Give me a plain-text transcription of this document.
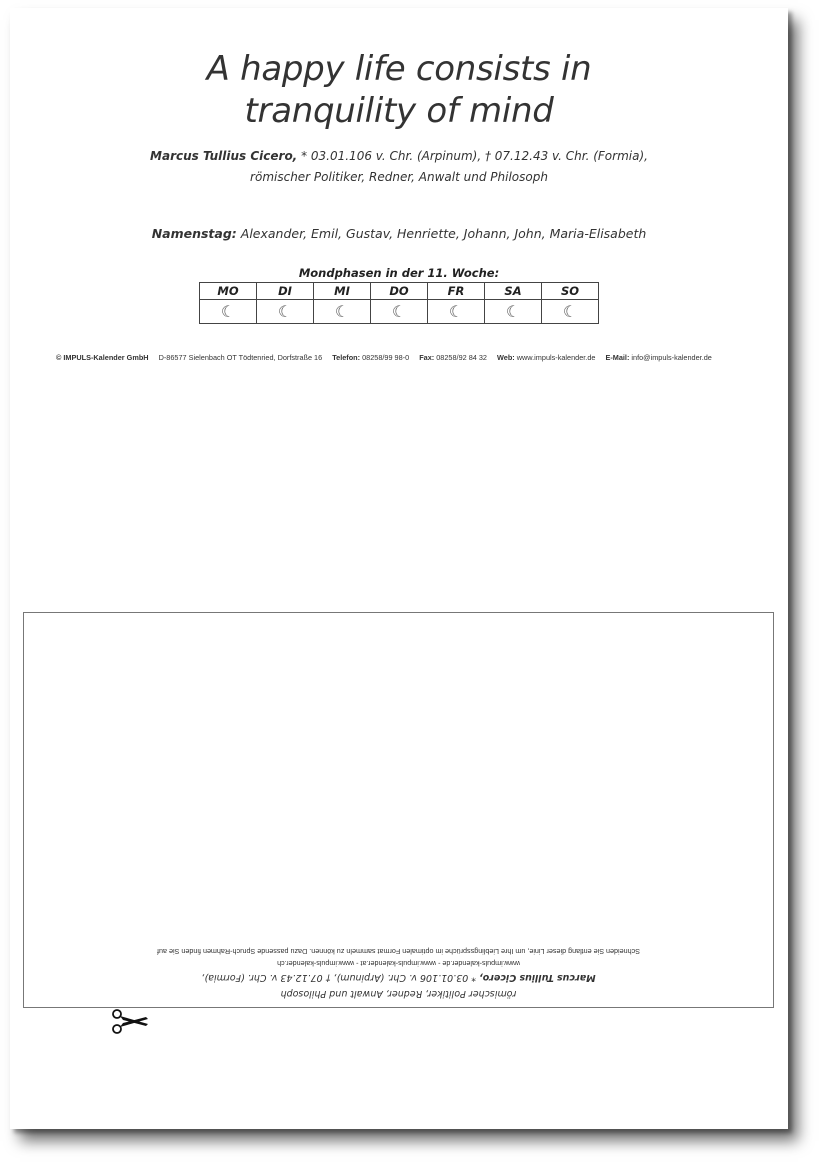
A happy life consists in
tranquility of mind
Marcus Tullius Cicero, * 03.01.106 v. Chr. (Arpinum), † 07.12.43 v. Chr. (Formia),
römischer Politiker, Redner, Anwalt und Philosoph
Namenstag: Alexander, Emil, Gustav, Henriette, Johann, John, Maria-Elisabeth
Mondphasen in der 11. Woche:
MO	DI	MI	DO	FR	SA	SO
☾	☾	☾	☾	☾	☾	☾
© IMPULS-Kalender GmbH D-86577 Sielenbach OT Tödtenried, Dorfstraße 16 Telefon: 08258/99 98-0 Fax: 08258/92 84 32 Web: www.impuls-kalender.de E-Mail: info@impuls-kalender.de
römischer Politiker, Redner, Anwalt und Philosoph
Marcus Tullius Cicero, * 03.01.106 v. Chr. (Arpinum), † 07.12.43 v. Chr. (Formia),
www.impuls-kalender.de - www.impuls-kalender.at - www.impuls-kalender.ch
Schneiden Sie entlang dieser Linie, um Ihre Lieblingssprüche im optimalen Format sammeln zu können. Dazu passende Spruch-Rahmen finden Sie auf
